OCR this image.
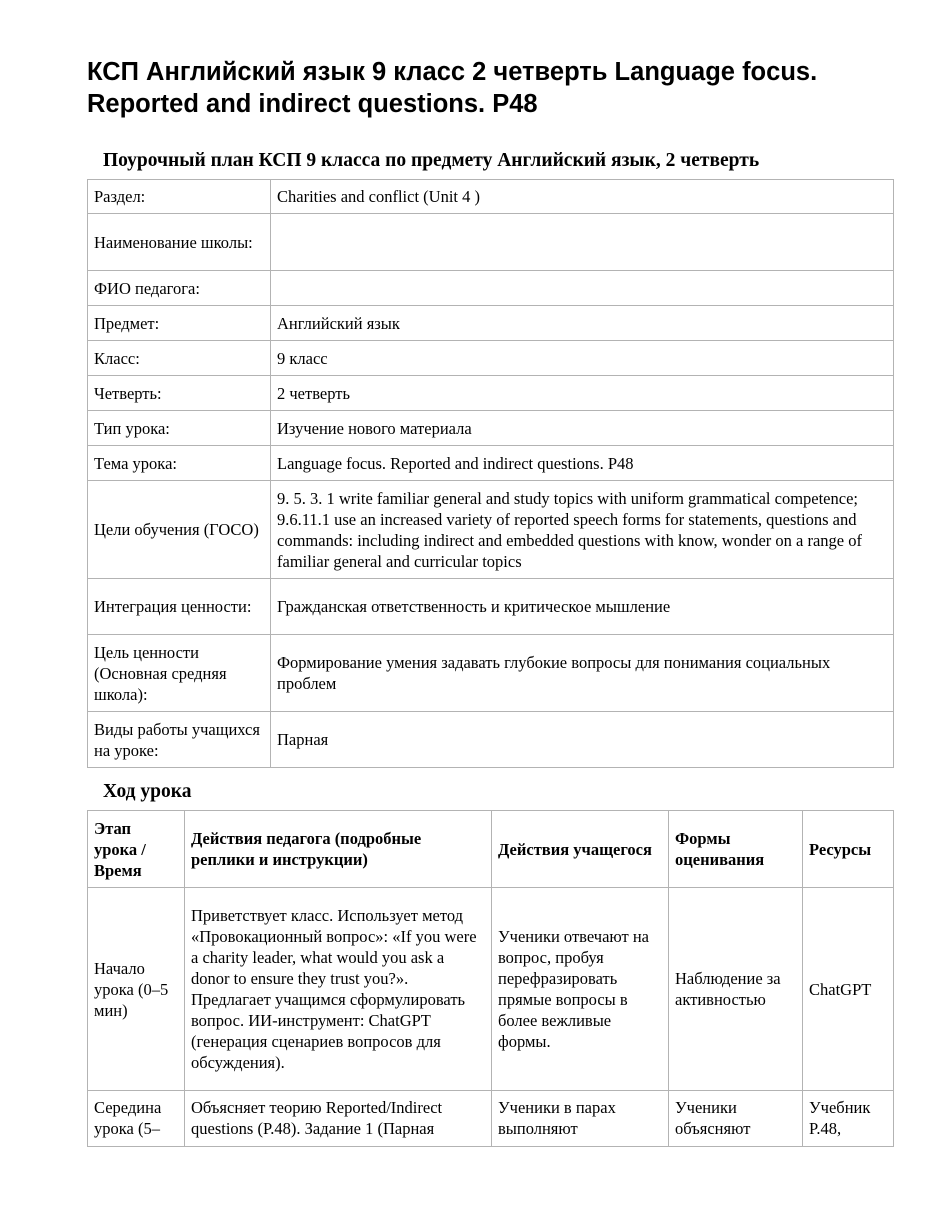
КСП Английский язык 9 класс 2 четверть Language focus. Reported and indirect questions. P48
Поурочный план КСП 9 класса по предмету Английский язык, 2 четверть
Раздел:	Charities and conflict (Unit 4 )
Наименование школы:	
ФИО педагога:	
Предмет:	Английский язык
Класс:	9 класс
Четверть:	2 четверть
Тип урока:	Изучение нового материала
Тема урока:	Language focus. Reported and indirect questions. P48
Цели обучения (ГОСО)	9. 5. 3. 1 write familiar general and study topics with uniform grammatical competence; 9.6.11.1 use an increased variety of reported speech forms for statements, questions and commands: including indirect and embedded questions with know, wonder on a range of familiar general and curricular topics
Интеграция ценности:	Гражданская ответственность и критическое мышление
Цель ценности (Основная средняя школа):	Формирование умения задавать глубокие вопросы для понимания социальных проблем
Виды работы учащихся на уроке:	Парная
Ход урока
Этап урока / Время	Действия педагога (подробные реплики и инструкции)	Действия учащегося	Формы оценивания	Ресурсы
Начало урока (0–5 мин)	Приветствует класс. Использует метод «Провокационный вопрос»: «If you were a charity leader, what would you ask a donor to ensure they trust you?». Предлагает учащимся сформулировать вопрос. ИИ-инструмент: ChatGPT (генерация сценариев вопросов для обсуждения).	Ученики отвечают на вопрос, пробуя перефразировать прямые вопросы в более вежливые формы.	Наблюдение за активностью	ChatGPT
Середина урока (5–	Объясняет теорию Reported/Indirect questions (P.48). Задание 1 (Парная	Ученики в парах выполняют	Ученики объясняют	Учебник P.48,
